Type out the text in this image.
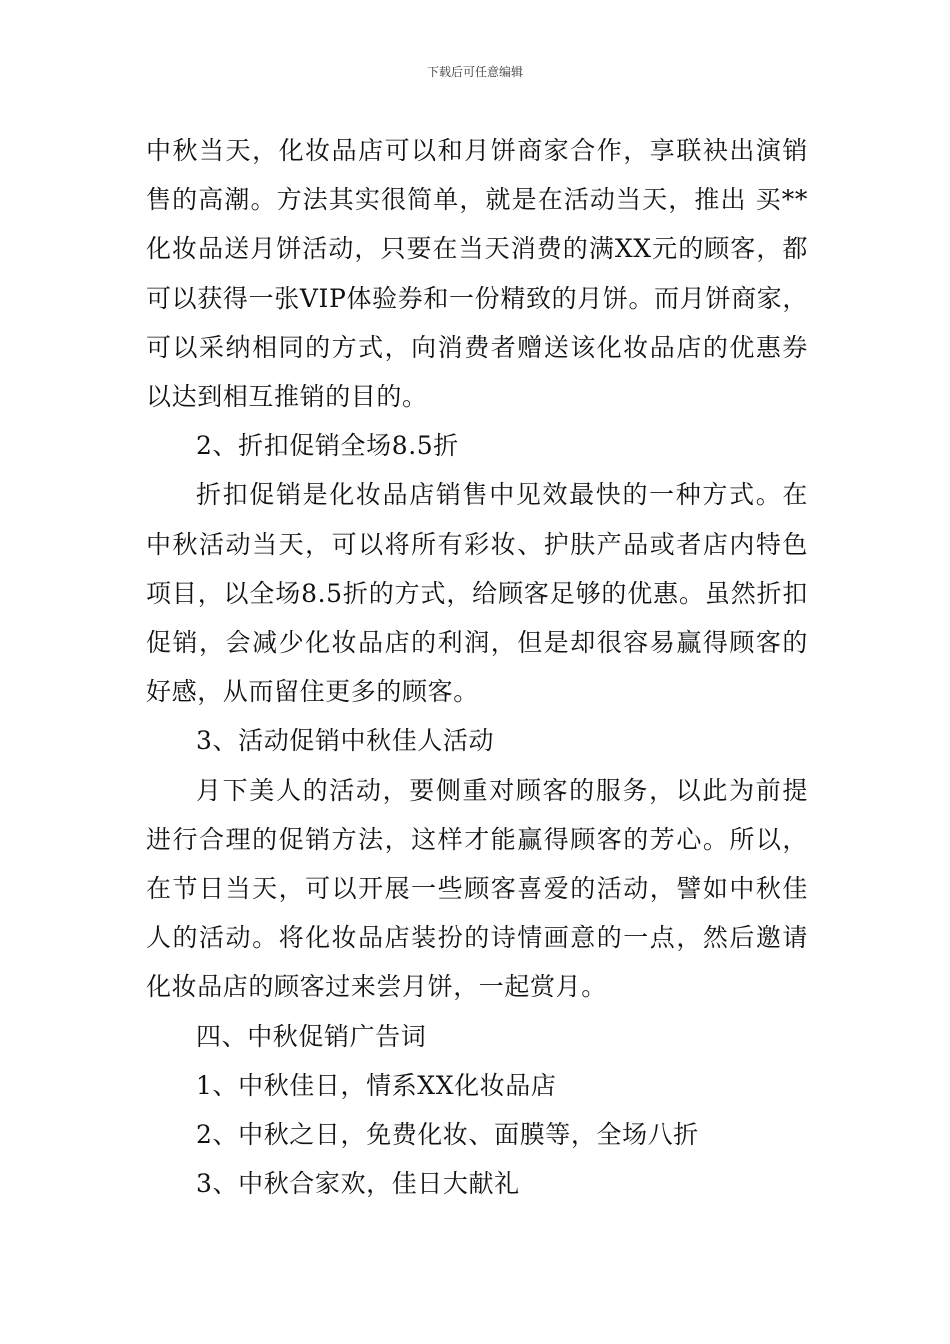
下载后可任意编辑

中秋当天，化妆品店可以和月饼商家合作，享联袂出演销售的高潮。方法其实很简单，就是在活动当天，推出 买**化妆品送月饼活动，只要在当天消费的满XX元的顾客，都可以获得一张VIP体验券和一份精致的月饼。而月饼商家，可以采纳相同的方式，向消费者赠送该化妆品店的优惠券以达到相互推销的目的。

2、折扣促销全场8.5折

折扣促销是化妆品店销售中见效最快的一种方式。在中秋活动当天，可以将所有彩妆、护肤产品或者店内特色项目，以全场8.5折的方式，给顾客足够的优惠。虽然折扣促销，会减少化妆品店的利润，但是却很容易赢得顾客的好感，从而留住更多的顾客。

3、活动促销中秋佳人活动

月下美人的活动，要侧重对顾客的服务，以此为前提进行合理的促销方法，这样才能赢得顾客的芳心。所以，在节日当天，可以开展一些顾客喜爱的活动，譬如中秋佳人的活动。将化妆品店装扮的诗情画意的一点，然后邀请化妆品店的顾客过来尝月饼，一起赏月。

四、中秋促销广告词

1、中秋佳日，情系XX化妆品店

2、中秋之日，免费化妆、面膜等，全场八折

3、中秋合家欢，佳日大献礼
